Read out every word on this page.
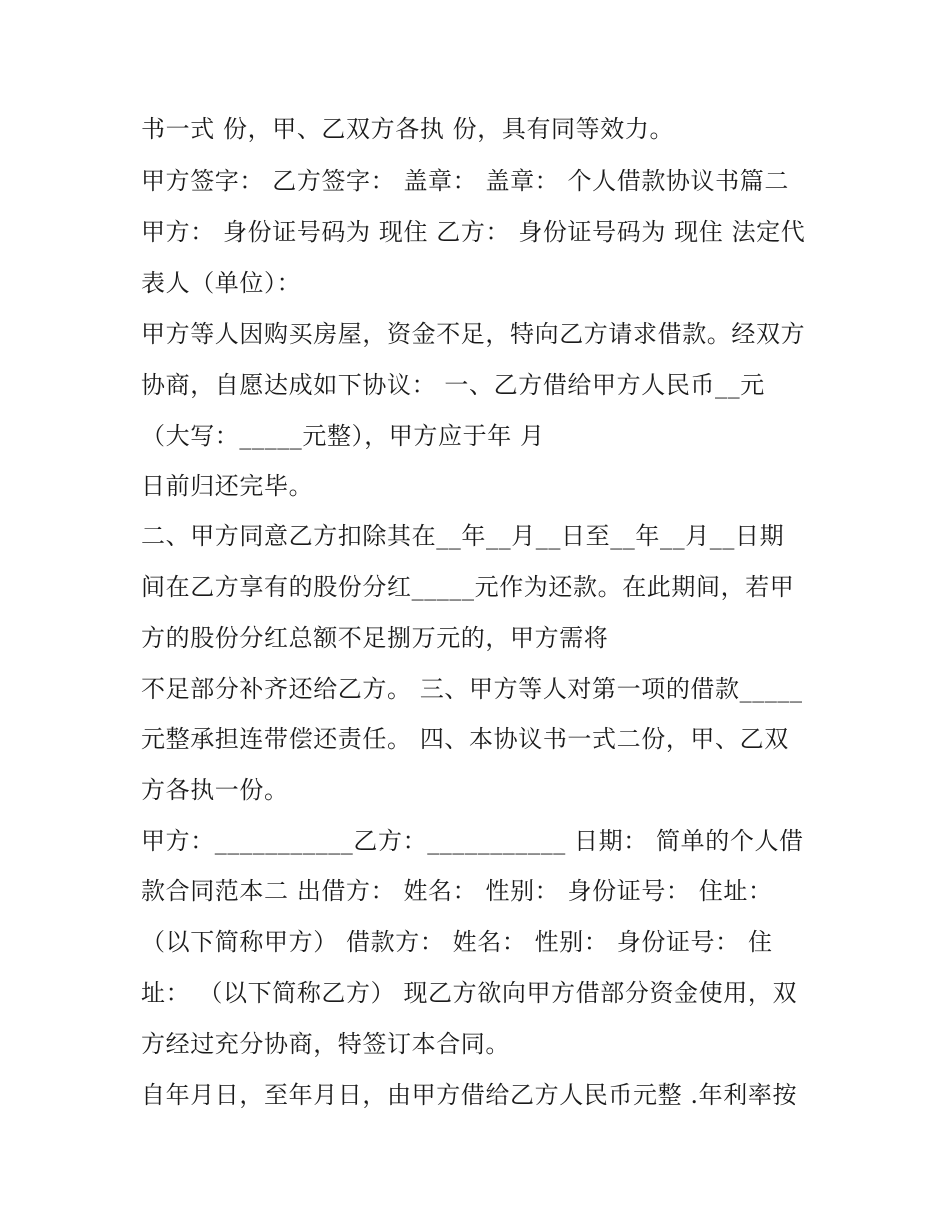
书一式 份，甲、乙双方各执 份，具有同等效力。
甲方签字： 乙方签字： 盖章： 盖章： 个人借款协议书篇二
甲方： 身份证号码为 现住 乙方： 身份证号码为 现住 法定代
表人（单位）：
甲方等人因购买房屋，资金不足，特向乙方请求借款。经双方
协商，自愿达成如下协议： 一、乙方借给甲方人民币__元
（大写：_____元整），甲方应于年 月
日前归还完毕。
二、甲方同意乙方扣除其在__年__月__日至__年__月__日期
间在乙方享有的股份分红_____元作为还款。在此期间，若甲
方的股份分红总额不足捌万元的，甲方需将
不足部分补齐还给乙方。 三、甲方等人对第一项的借款_____
元整承担连带偿还责任。 四、本协议书一式二份，甲、乙双
方各执一份。
甲方：___________乙方：___________ 日期： 简单的个人借
款合同范本二 出借方： 姓名： 性别： 身份证号： 住址：
（以下简称甲方） 借款方： 姓名： 性别： 身份证号： 住
址： （以下简称乙方） 现乙方欲向甲方借部分资金使用，双
方经过充分协商，特签订本合同。
自年月日，至年月日，由甲方借给乙方人民币元整 .年利率按
